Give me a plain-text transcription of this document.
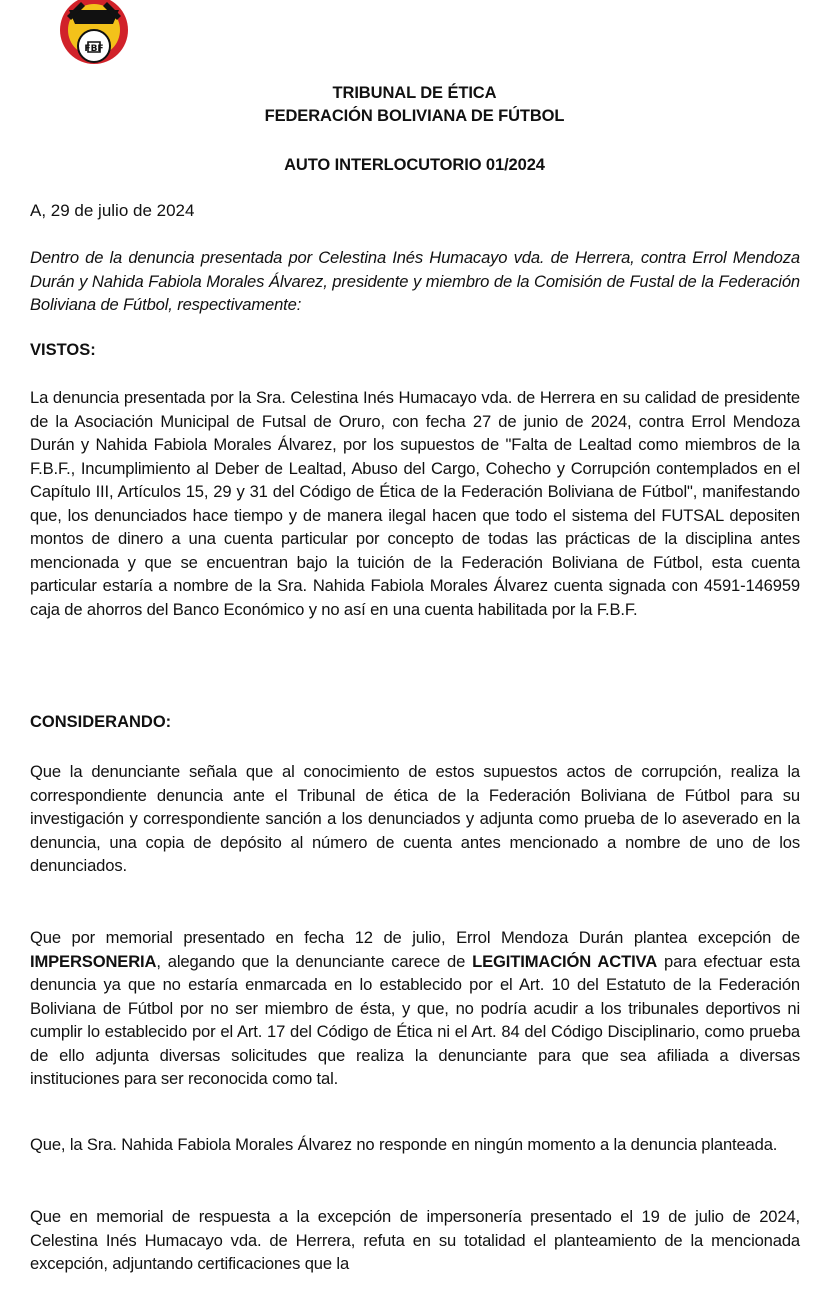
FBF
TRIBUNAL DE ÉTICA
FEDERACIÓN BOLIVIANA DE FÚTBOL
AUTO INTERLOCUTORIO 01/2024
A, 29 de julio de 2024
Dentro de la denuncia presentada por Celestina Inés Humacayo vda. de Herrera, contra Errol Mendoza Durán y Nahida Fabiola Morales Álvarez, presidente y miembro de la Comisión de Fustal de la Federación Boliviana de Fútbol, respectivamente:
VISTOS:
La denuncia presentada por la Sra. Celestina Inés Humacayo vda. de Herrera en su calidad de presidente de la Asociación Municipal de Futsal de Oruro, con fecha 27 de junio de 2024, contra Errol Mendoza Durán y Nahida Fabiola Morales Álvarez, por los supuestos de "Falta de Lealtad como miembros de la F.B.F., Incumplimiento al Deber de Lealtad, Abuso del Cargo, Cohecho y Corrupción contemplados en el Capítulo III, Artículos 15, 29 y 31 del Código de Ética de la Federación Boliviana de Fútbol", manifestando que, los denunciados hace tiempo y de manera ilegal hacen que todo el sistema del FUTSAL depositen montos de dinero a una cuenta particular por concepto de todas las prácticas de la disciplina antes mencionada y que se encuentran bajo la tuición de la Federación Boliviana de Fútbol, esta cuenta particular estaría a nombre de la Sra. Nahida Fabiola Morales Álvarez cuenta signada con 4591-146959 caja de ahorros del Banco Económico y no así en una cuenta habilitada por la F.B.F.
CONSIDERANDO:
Que la denunciante señala que al conocimiento de estos supuestos actos de corrupción, realiza la correspondiente denuncia ante el Tribunal de ética de la Federación Boliviana de Fútbol para su investigación y correspondiente sanción a los denunciados y adjunta como prueba de lo aseverado en la denuncia, una copia de depósito al número de cuenta antes mencionado a nombre de uno de los denunciados.
Que por memorial presentado en fecha 12 de julio, Errol Mendoza Durán plantea excepción de IMPERSONERIA, alegando que la denunciante carece de LEGITIMACIÓN ACTIVA para efectuar esta denuncia ya que no estaría enmarcada en lo establecido por el Art. 10 del Estatuto de la Federación Boliviana de Fútbol por no ser miembro de ésta, y que, no podría acudir a los tribunales deportivos ni cumplir lo establecido por el Art. 17 del Código de Ética ni el Art. 84 del Código Disciplinario, como prueba de ello adjunta diversas solicitudes que realiza la denunciante para que sea afiliada a diversas instituciones para ser reconocida como tal.
Que, la Sra. Nahida Fabiola Morales Álvarez no responde en ningún momento a la denuncia planteada.
Que en memorial de respuesta a la excepción de impersonería presentado el 19 de julio de 2024, Celestina Inés Humacayo vda. de Herrera, refuta en su totalidad el planteamiento de la mencionada excepción, adjuntando certificaciones que la
